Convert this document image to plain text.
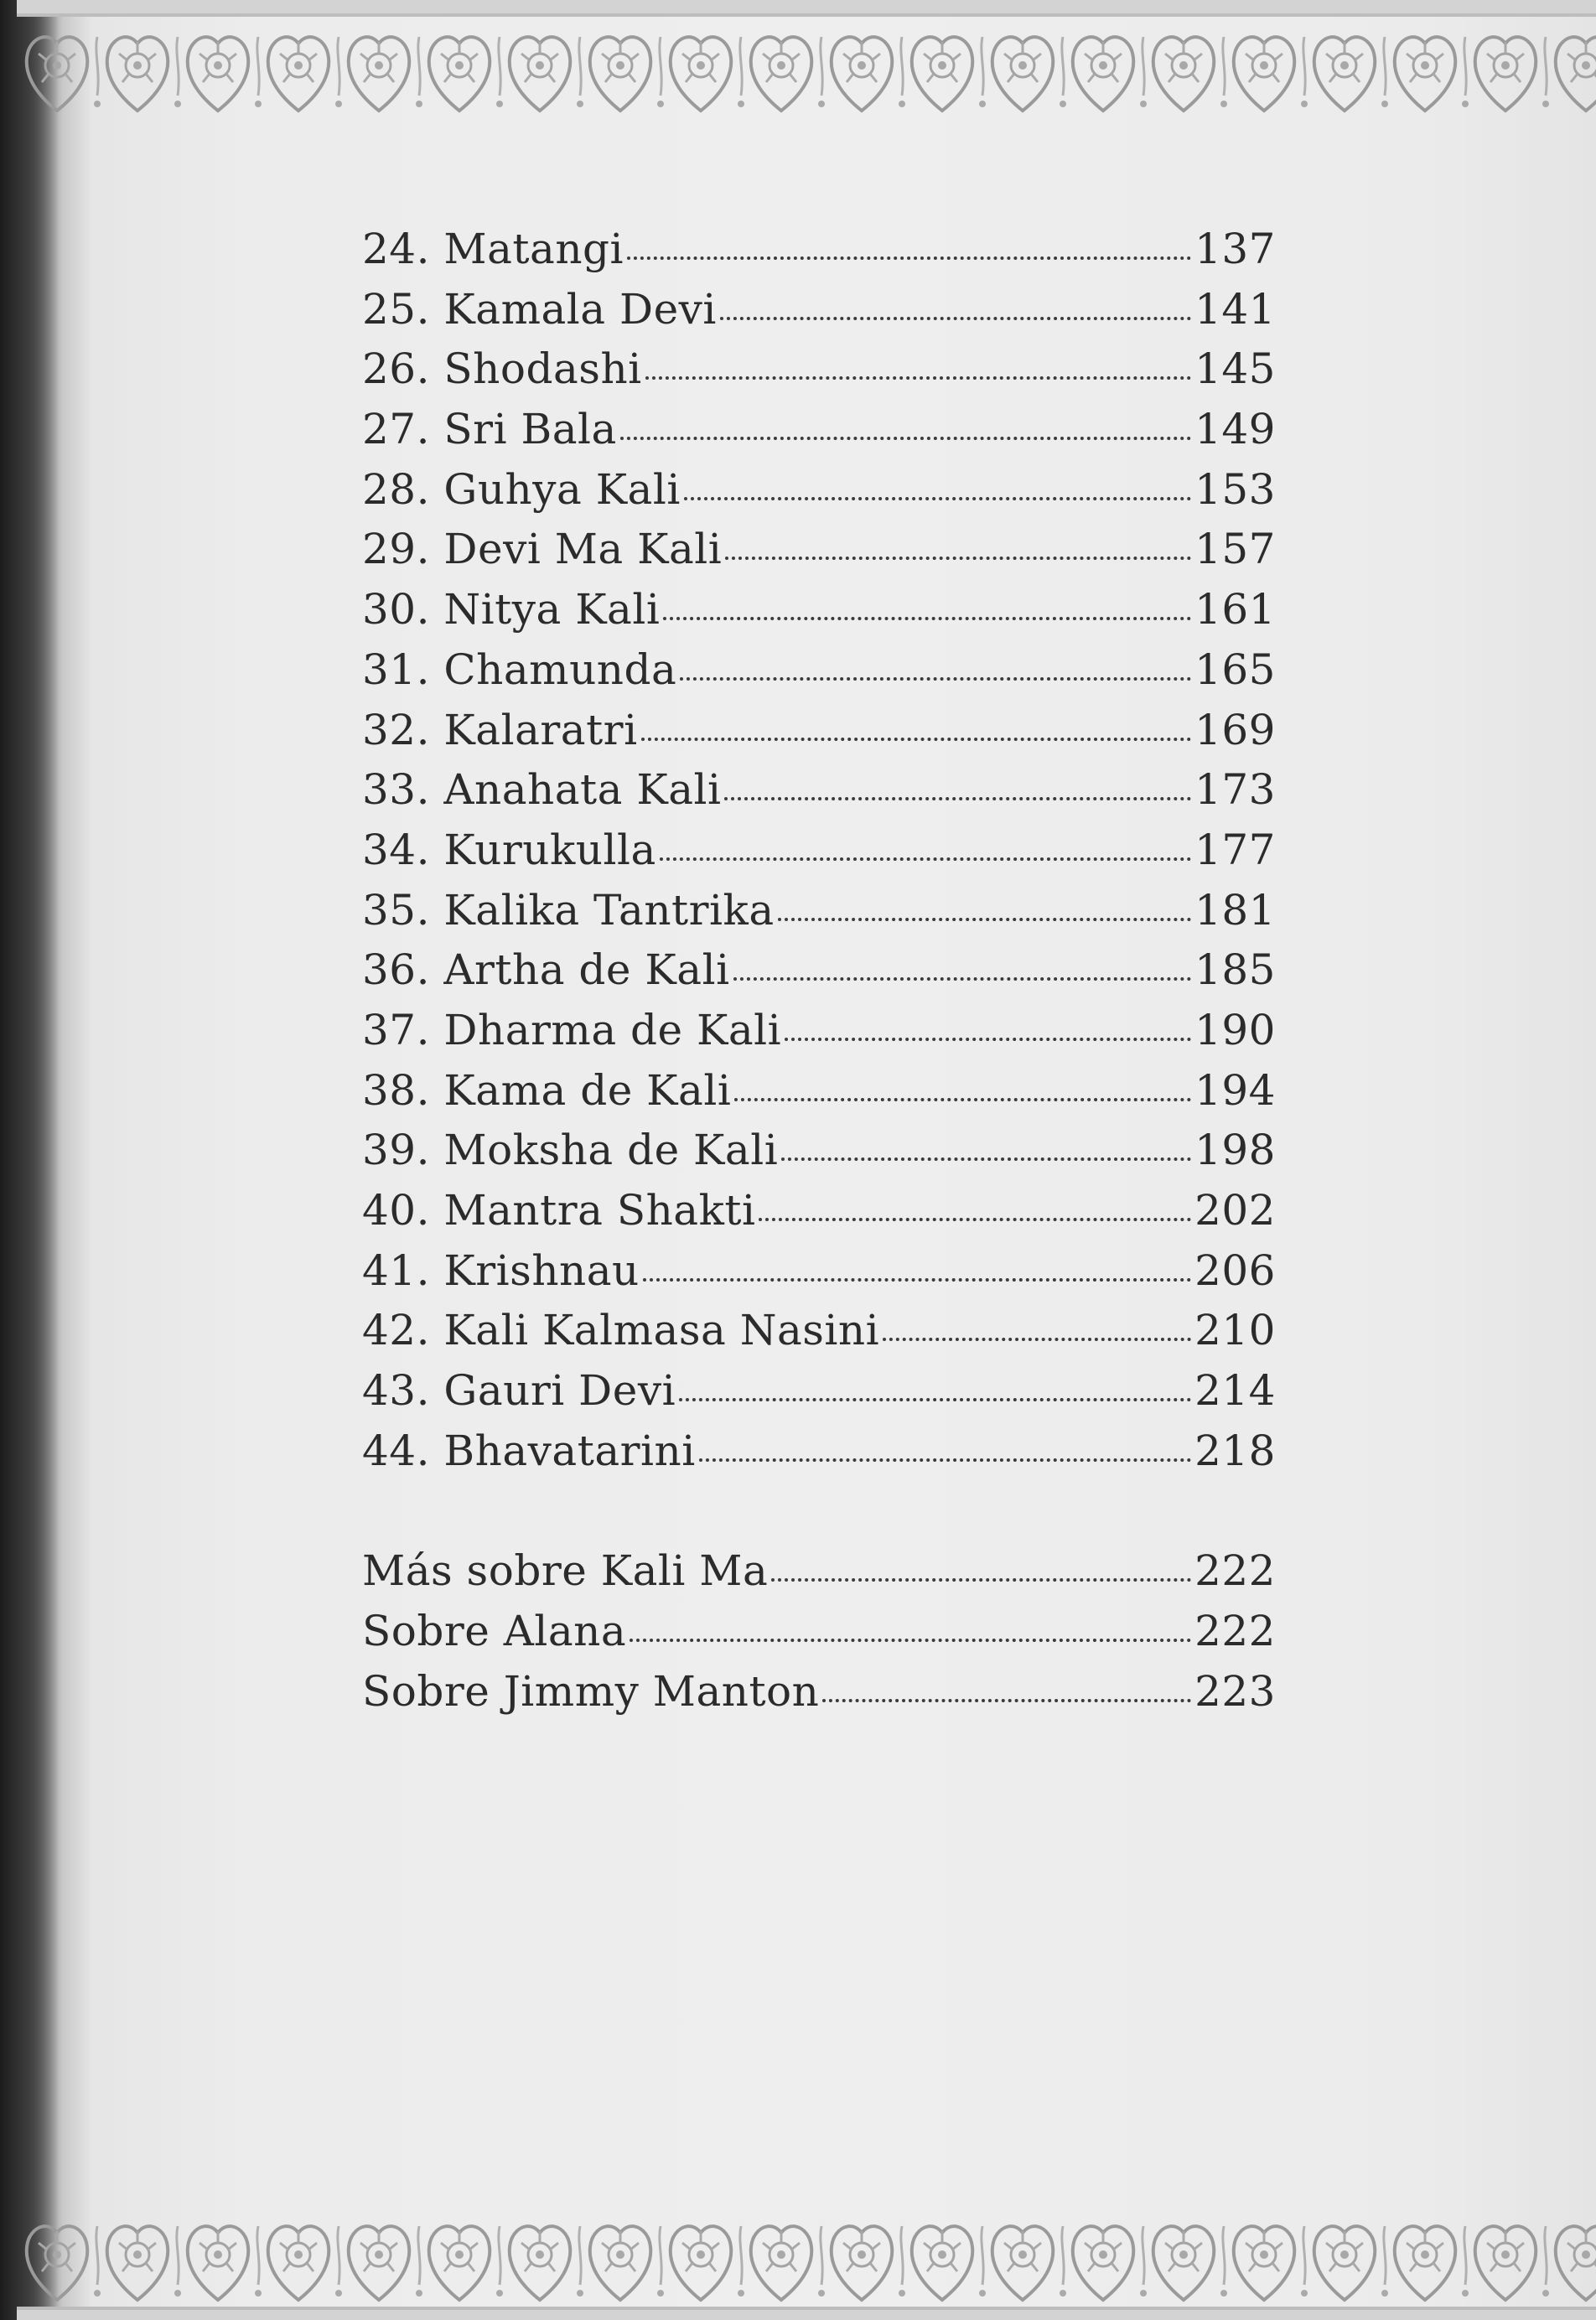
24. Matangi	137
25. Kamala Devi	141
26. Shodashi	145
27. Sri Bala	149
28. Guhya Kali	153
29. Devi Ma Kali	157
30. Nitya Kali	161
31. Chamunda	165
32. Kalaratri	169
33. Anahata Kali	173
34. Kurukulla	177
35. Kalika Tantrika	181
36. Artha de Kali	185
37. Dharma de Kali	190
38. Kama de Kali	194
39. Moksha de Kali	198
40. Mantra Shakti	202
41. Krishnau	206
42. Kali Kalmasa Nasini	210
43. Gauri Devi	214
44. Bhavatarini	218
Más sobre Kali Ma	222
Sobre Alana	222
Sobre Jimmy Manton	223
